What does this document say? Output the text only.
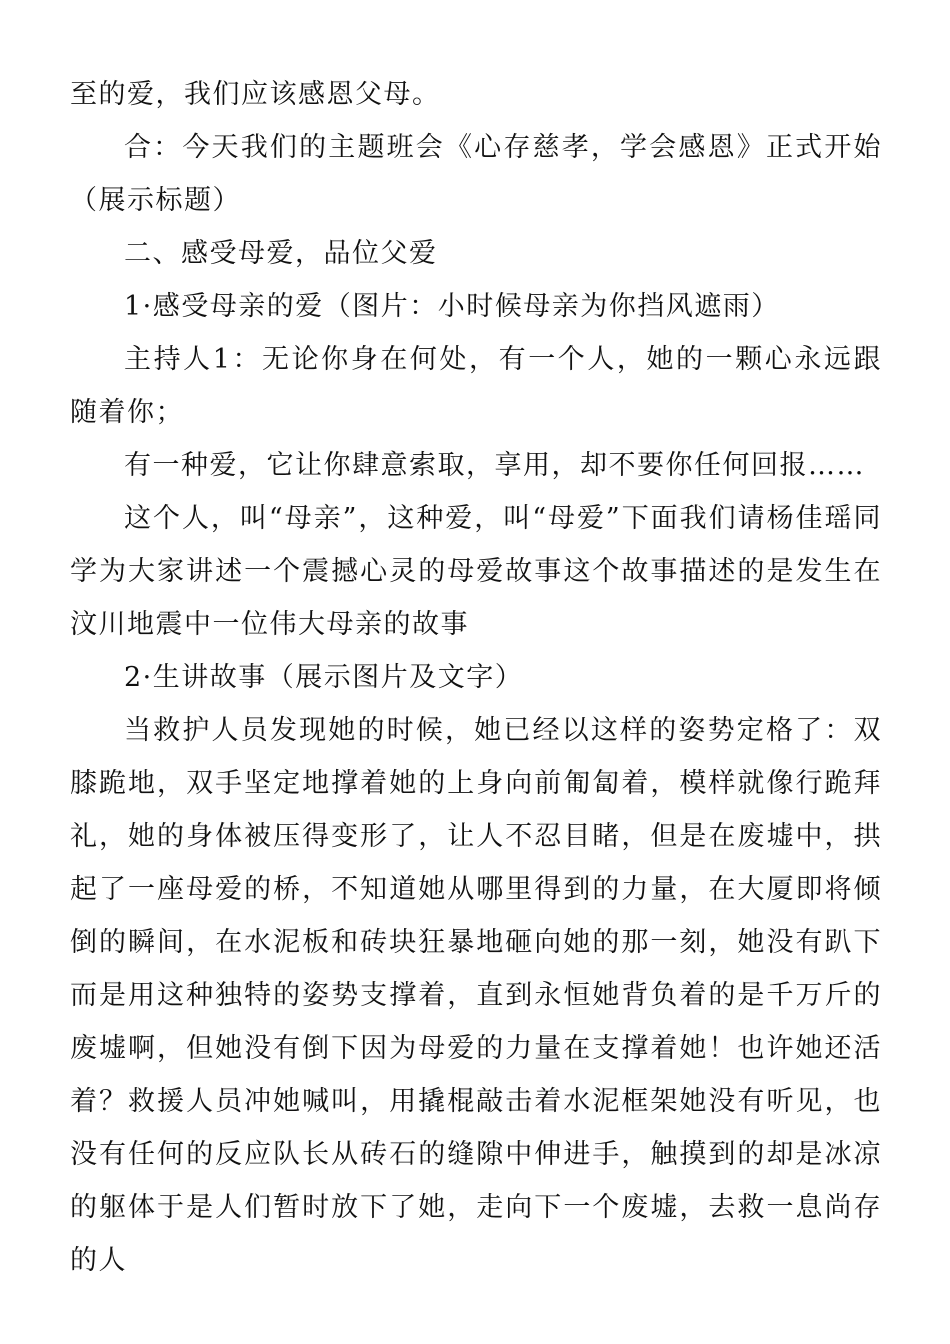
至的爱，我们应该感恩父母。

合：今天我们的主题班会《心存慈孝，学会感恩》正式开始（展示标题）

二、感受母爱，品位父爱

1·感受母亲的爱（图片：小时候母亲为你挡风遮雨）

主持人1：无论你身在何处，有一个人，她的一颗心永远跟随着你；

有一种爱，它让你肆意索取，享用，却不要你任何回报……

这个人，叫“母亲”，这种爱，叫“母爱”下面我们请杨佳瑶同学为大家讲述一个震撼心灵的母爱故事这个故事描述的是发生在汶川地震中一位伟大母亲的故事

2·生讲故事（展示图片及文字）

当救护人员发现她的时候，她已经以这样的姿势定格了：双膝跪地，双手坚定地撑着她的上身向前匍匐着，模样就像行跪拜礼，她的身体被压得变形了，让人不忍目睹，但是在废墟中，拱起了一座母爱的桥，不知道她从哪里得到的力量，在大厦即将倾倒的瞬间，在水泥板和砖块狂暴地砸向她的那一刻，她没有趴下而是用这种独特的姿势支撑着，直到永恒她背负着的是千万斤的废墟啊，但她没有倒下因为母爱的力量在支撑着她！也许她还活着？救援人员冲她喊叫，用撬棍敲击着水泥框架她没有听见，也没有任何的反应队长从砖石的缝隙中伸进手，触摸到的却是冰凉的躯体于是人们暂时放下了她，走向下一个废墟，去救一息尚存的人
